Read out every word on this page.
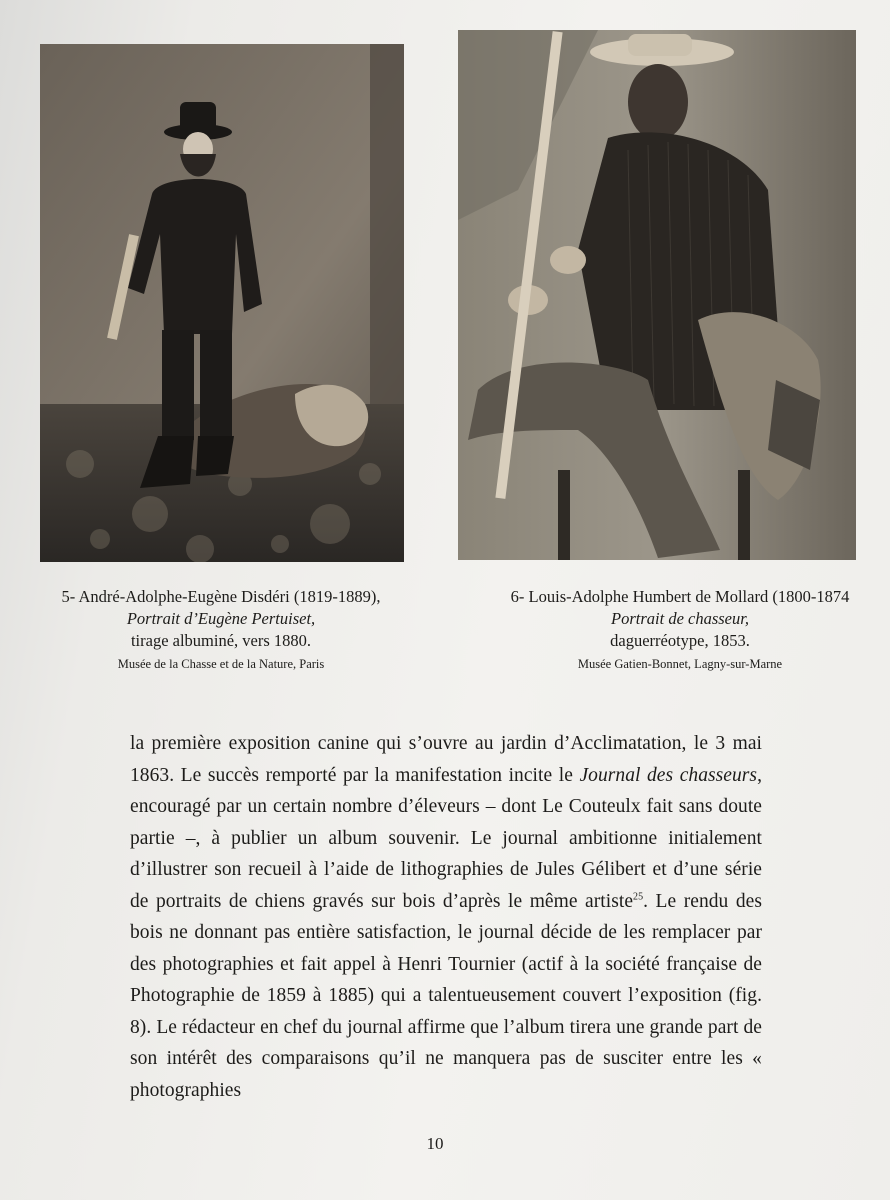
5- André-Adolphe-Eugène Disdéri (1819-1889),
Portrait d’Eugène Pertuiset,
tirage albuminé, vers 1880.
Musée de la Chasse et de la Nature, Paris
6- Louis-Adolphe Humbert de Mollard (1800-1874
Portrait de chasseur,
daguerréotype, 1853.
Musée Gatien-Bonnet, Lagny-sur-Marne

la première exposition canine qui s’ouvre au jardin d’Acclimatation, le 3 mai 1863. Le succès remporté par la manifestation incite le Journal des chasseurs, encouragé par un certain nombre d’éleveurs – dont Le Couteulx fait sans doute partie –, à publier un album souvenir. Le journal ambitionne initialement d’illustrer son recueil à l’aide de lithographies de Jules Gélibert et d’une série de portraits de chiens gravés sur bois d’après le même artiste$^{25}$. Le rendu des bois ne donnant pas entière satisfaction, le journal décide de les remplacer par des photographies et fait appel à Henri Tournier (actif à la société française de Photographie de 1859 à 1885) qui a talentueusement couvert l’exposition (fig. 8). Le rédacteur en chef du journal affirme que l’album tirera une grande part de son intérêt des comparaisons qu’il ne manquera pas de susciter entre les « photographies

10
